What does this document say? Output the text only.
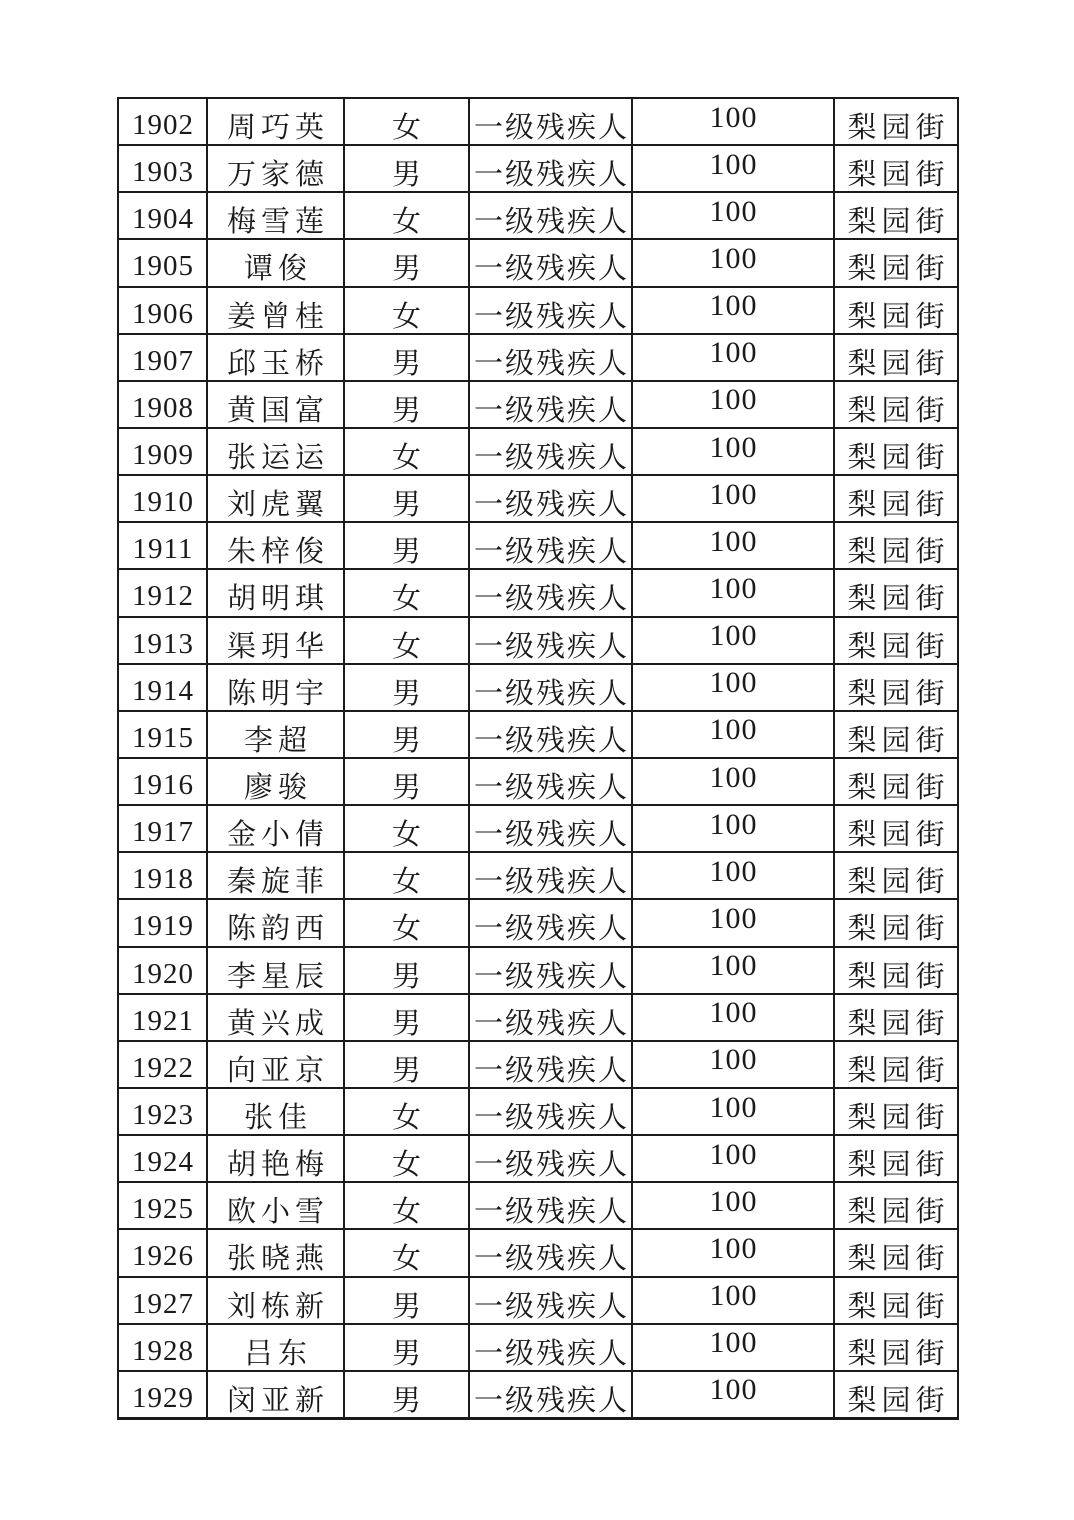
1902	周巧英	女	一级残疾人	100	梨园街
1903	万家德	男	一级残疾人	100	梨园街
1904	梅雪莲	女	一级残疾人	100	梨园街
1905	谭俊	男	一级残疾人	100	梨园街
1906	姜曾桂	女	一级残疾人	100	梨园街
1907	邱玉桥	男	一级残疾人	100	梨园街
1908	黄国富	男	一级残疾人	100	梨园街
1909	张运运	女	一级残疾人	100	梨园街
1910	刘虎翼	男	一级残疾人	100	梨园街
1911	朱梓俊	男	一级残疾人	100	梨园街
1912	胡明琪	女	一级残疾人	100	梨园街
1913	渠玥华	女	一级残疾人	100	梨园街
1914	陈明宇	男	一级残疾人	100	梨园街
1915	李超	男	一级残疾人	100	梨园街
1916	廖骏	男	一级残疾人	100	梨园街
1917	金小倩	女	一级残疾人	100	梨园街
1918	秦旋菲	女	一级残疾人	100	梨园街
1919	陈韵西	女	一级残疾人	100	梨园街
1920	李星辰	男	一级残疾人	100	梨园街
1921	黄兴成	男	一级残疾人	100	梨园街
1922	向亚京	男	一级残疾人	100	梨园街
1923	张佳	女	一级残疾人	100	梨园街
1924	胡艳梅	女	一级残疾人	100	梨园街
1925	欧小雪	女	一级残疾人	100	梨园街
1926	张晓燕	女	一级残疾人	100	梨园街
1927	刘栋新	男	一级残疾人	100	梨园街
1928	吕东	男	一级残疾人	100	梨园街
1929	闵亚新	男	一级残疾人	100	梨园街
